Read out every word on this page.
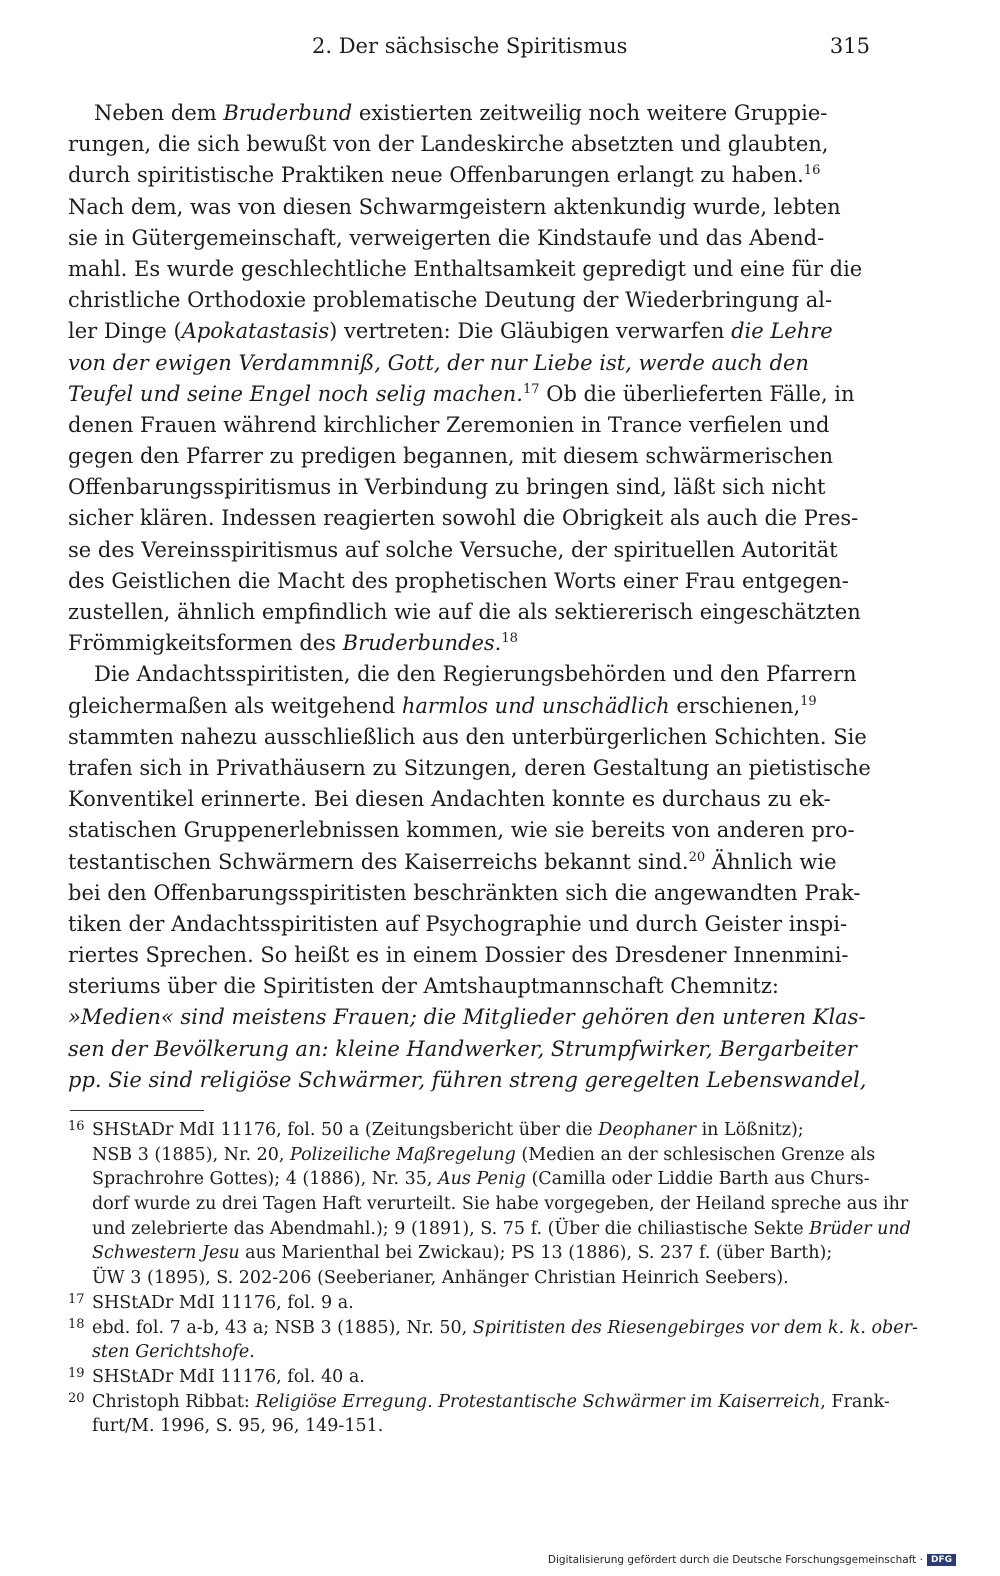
2. Der sächsische Spiritismus	315
Neben dem Bruderbund existierten zeitweilig noch weitere Gruppie-
rungen, die sich bewußt von der Landeskirche absetzten und glaubten,
durch spiritistische Praktiken neue Offenbarungen erlangt zu haben.$^{16}$
Nach dem, was von diesen Schwarmgeistern aktenkundig wurde, lebten
sie in Gütergemeinschaft, verweigerten die Kindstaufe und das Abend-
mahl. Es wurde geschlechtliche Enthaltsamkeit gepredigt und eine für die
christliche Orthodoxie problematische Deutung der Wiederbringung al-
ler Dinge (Apokatastasis) vertreten: Die Gläubigen verwarfen die Lehre
von der ewigen Verdammniß, Gott, der nur Liebe ist, werde auch den
Teufel und seine Engel noch selig machen.$^{17}$ Ob die überlieferten Fälle, in
denen Frauen während kirchlicher Zeremonien in Trance verfielen und
gegen den Pfarrer zu predigen begannen, mit diesem schwärmerischen
Offenbarungsspiritismus in Verbindung zu bringen sind, läßt sich nicht
sicher klären. Indessen reagierten sowohl die Obrigkeit als auch die Pres-
se des Vereinsspiritismus auf solche Versuche, der spirituellen Autorität
des Geistlichen die Macht des prophetischen Worts einer Frau entgegen-
zustellen, ähnlich empfindlich wie auf die als sektiererisch eingeschätzten
Frömmigkeitsformen des Bruderbundes.$^{18}$
Die Andachtsspiritisten, die den Regierungsbehörden und den Pfarrern
gleichermaßen als weitgehend harmlos und unschädlich erschienen,$^{19}$
stammten nahezu ausschließlich aus den unterbürgerlichen Schichten. Sie
trafen sich in Privathäusern zu Sitzungen, deren Gestaltung an pietistische
Konventikel erinnerte. Bei diesen Andachten konnte es durchaus zu ek-
statischen Gruppenerlebnissen kommen, wie sie bereits von anderen pro-
testantischen Schwärmern des Kaiserreichs bekannt sind.$^{20}$ Ähnlich wie
bei den Offenbarungsspiritisten beschränkten sich die angewandten Prak-
tiken der Andachtsspiritisten auf Psychographie und durch Geister inspi-
riertes Sprechen. So heißt es in einem Dossier des Dresdener Innenmini-
steriums über die Spiritisten der Amtshauptmannschaft Chemnitz:
»Medien« sind meistens Frauen; die Mitglieder gehören den unteren Klas-
sen der Bevölkerung an: kleine Handwerker, Strumpfwirker, Bergarbeiter
pp. Sie sind religiöse Schwärmer, führen streng geregelten Lebenswandel,
16 SHStADr MdI 11176, fol. 50 a (Zeitungsbericht über die Deophaner in Lößnitz);
NSB 3 (1885), Nr. 20, Polizeiliche Maßregelung (Medien an der schlesischen Grenze als
Sprachrohre Gottes); 4 (1886), Nr. 35, Aus Penig (Camilla oder Liddie Barth aus Churs-
dorf wurde zu drei Tagen Haft verurteilt. Sie habe vorgegeben, der Heiland spreche aus ihr
und zelebrierte das Abendmahl.); 9 (1891), S. 75 f. (Über die chiliastische Sekte Brüder und
Schwestern Jesu aus Marienthal bei Zwickau); PS 13 (1886), S. 237 f. (über Barth);
ÜW 3 (1895), S. 202-206 (Seeberianer, Anhänger Christian Heinrich Seebers).
17 SHStADr MdI 11176, fol. 9 a.
18 ebd. fol. 7 a-b, 43 a; NSB 3 (1885), Nr. 50, Spiritisten des Riesengebirges vor dem k. k. ober-
sten Gerichtshofe.
19 SHStADr MdI 11176, fol. 40 a.
20 Christoph Ribbat: Religiöse Erregung. Protestantische Schwärmer im Kaiserreich, Frank-
furt/M. 1996, S. 95, 96, 149-151.
Digitalisierung gefördert durch die Deutsche Forschungsgemeinschaft · DFG
